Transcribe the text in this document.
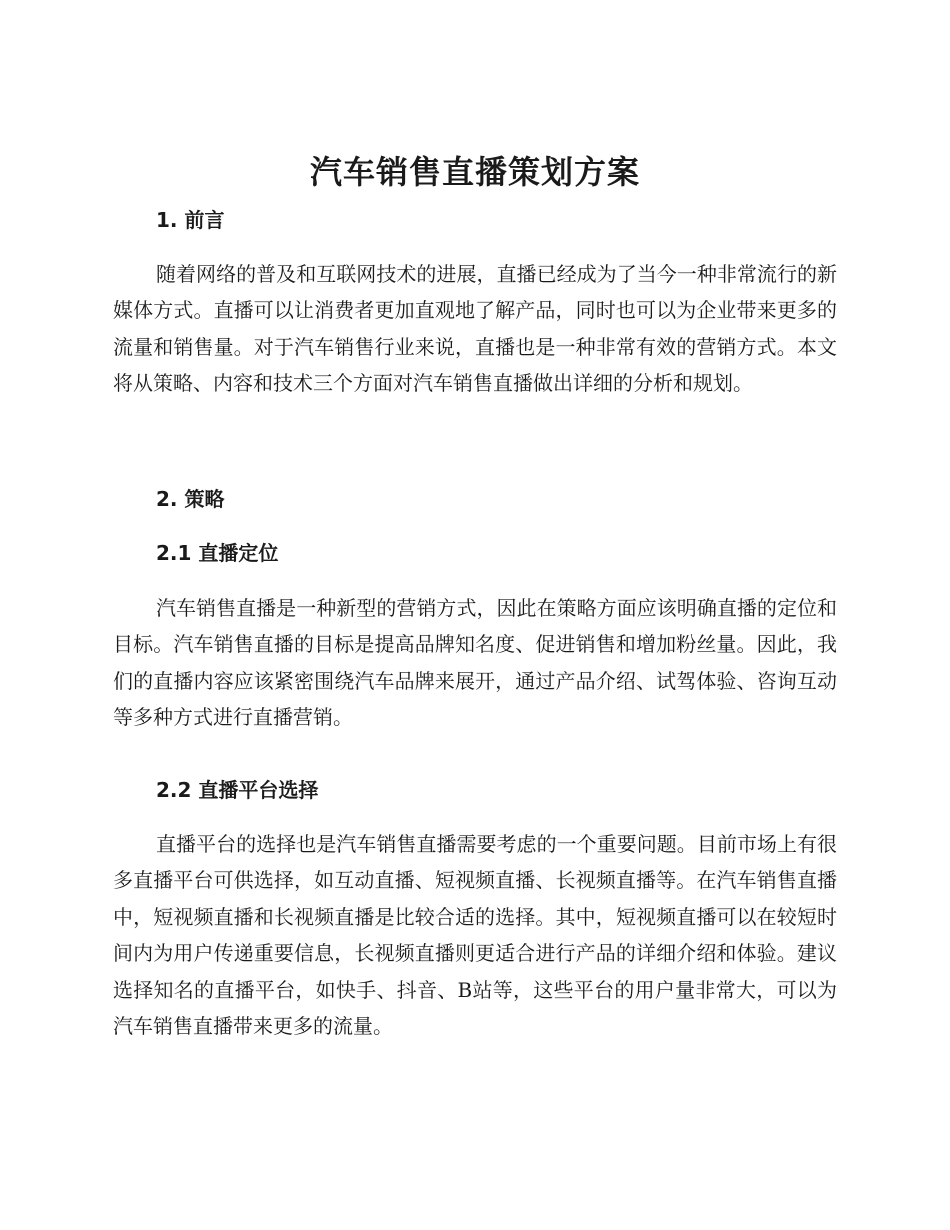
汽车销售直播策划方案
1. 前言

随着网络的普及和互联网技术的进展，直播已经成为了当今一种非常流行的新媒体方式。直播可以让消费者更加直观地了解产品，同时也可以为企业带来更多的流量和销售量。对于汽车销售行业来说，直播也是一种非常有效的营销方式。本文将从策略、内容和技术三个方面对汽车销售直播做出详细的分析和规划。

2. 策略
2.1 直播定位

汽车销售直播是一种新型的营销方式，因此在策略方面应该明确直播的定位和目标。汽车销售直播的目标是提高品牌知名度、促进销售和增加粉丝量。因此，我们的直播内容应该紧密围绕汽车品牌来展开，通过产品介绍、试驾体验、咨询互动等多种方式进行直播营销。

2.2 直播平台选择

直播平台的选择也是汽车销售直播需要考虑的一个重要问题。目前市场上有很多直播平台可供选择，如互动直播、短视频直播、长视频直播等。在汽车销售直播中，短视频直播和长视频直播是比较合适的选择。其中，短视频直播可以在较短时间内为用户传递重要信息，长视频直播则更适合进行产品的详细介绍和体验。建议选择知名的直播平台，如快手、抖音、B站等，这些平台的用户量非常大，可以为汽车销售直播带来更多的流量。
